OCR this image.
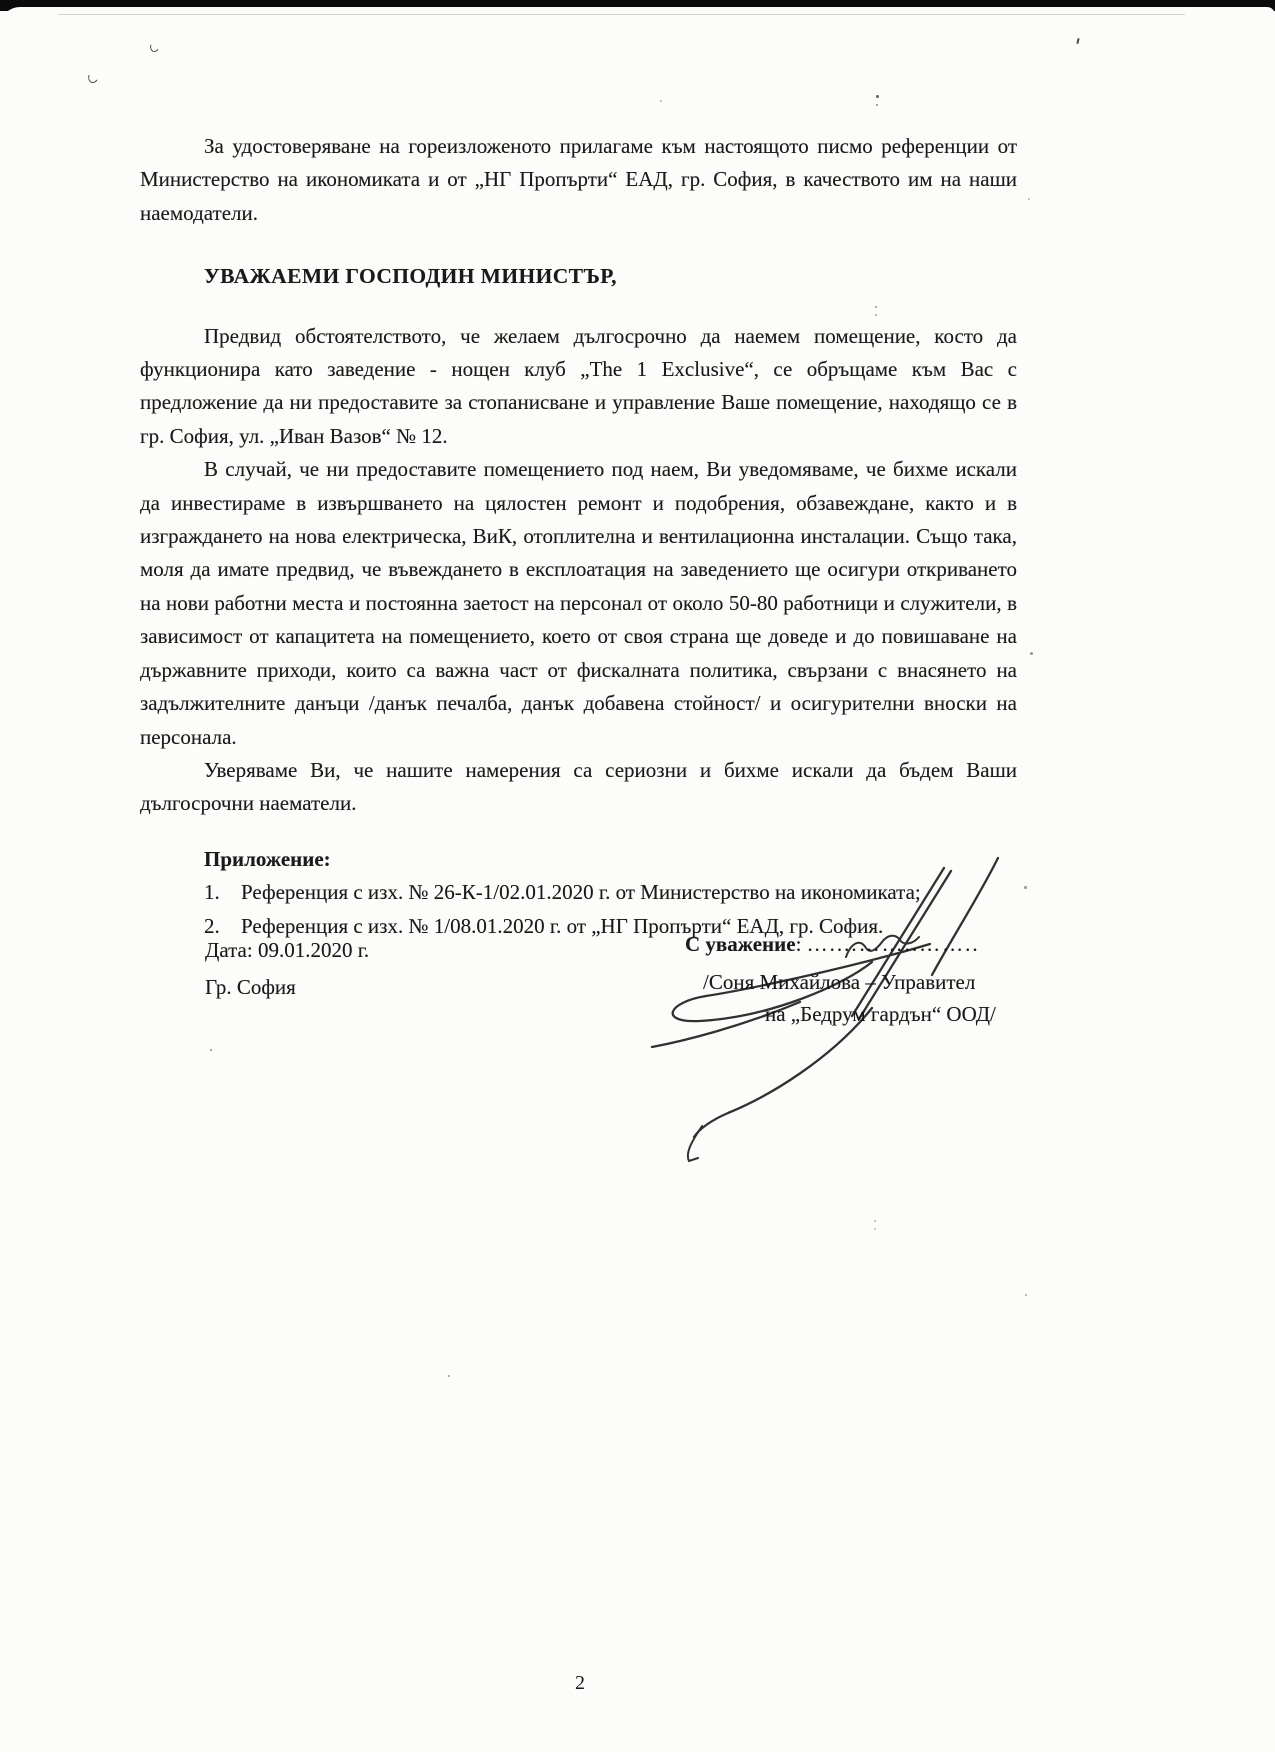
За удостоверяване на гореизложеното прилагаме към настоящото писмо референции от Министерство на икономиката и от „НГ Пропърти“ ЕАД, гр. София, в качеството им на наши наемодатели.

УВАЖАЕМИ ГОСПОДИН МИНИСТЪР,

Предвид обстоятелството, че желаем дългосрочно да наемем помещение, косто да функционира като заведение - нощен клуб „The 1 Exclusive“, се обръщаме към Вас с предложение да ни предоставите за стопанисване и управление Ваше помещение, находящо се в гр. София, ул. „Иван Вазов“ № 12.

В случай, че ни предоставите помещението под наем, Ви уведомяваме, че бихме искали да инвестираме в извършването на цялостен ремонт и подобрения, обзавеждане, както и в изграждането на нова електрическа, ВиК, отоплителна и вентилационна инсталации. Също така, моля да имате предвид, че въвеждането в експлоатация на заведението ще осигури откриването на нови работни места и постоянна заетост на персонал от около 50-80 работници и служители, в зависимост от капацитета на помещението, което от своя страна ще доведе и до повишаване на държавните приходи, които са важна част от фискалната политика, свързани с внасянето на задължителните данъци /данък печалба, данък добавена стойност/ и осигурителни вноски на персонала.

Уверяваме Ви, че нашите намерения са сериозни и бихме искали да бъдем Ваши дългосрочни наематели.

Приложение:

1.	Референция с изх. № 26-К-1/02.01.2020 г. от Министерство на икономиката;
2.	Референция с изх. № 1/08.01.2020 г. от „НГ Пропърти“ ЕАД, гр. София.
Дата: 09.01.2020 г.
Гр. София
С уважение: …....……..……..
/Соня Михайлова – Управител
на „Бедрум гардън“ ООД/
2
